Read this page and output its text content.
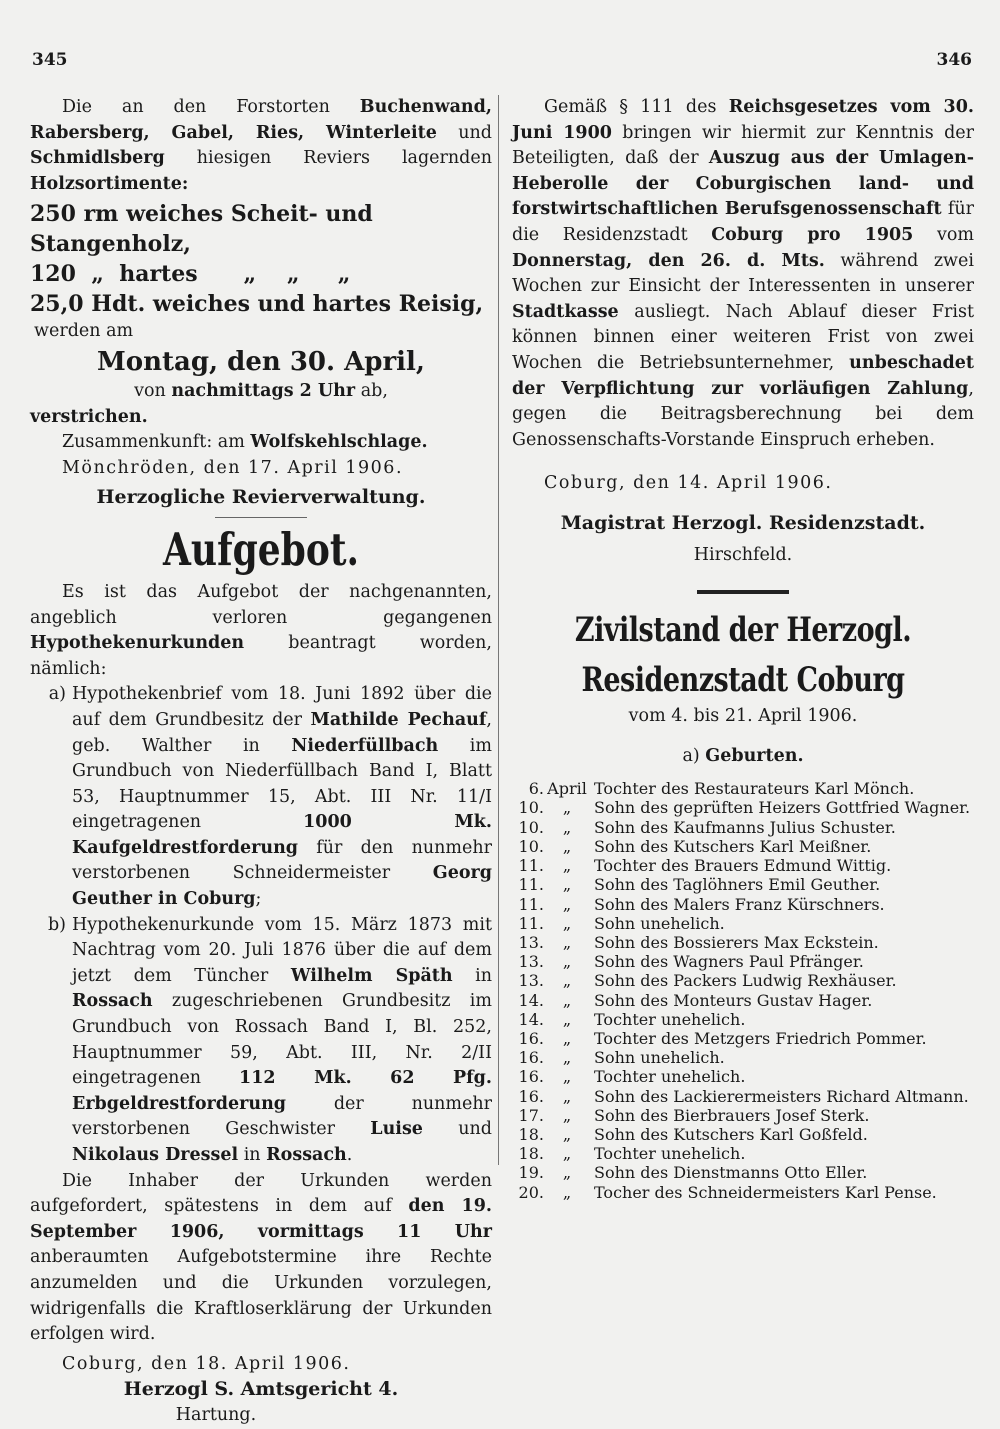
345	346

Die an den Forstorten Buchenwand, Rabersberg, Gabel, Ries, Winterleite und Schmidlsberg hiesigen Reviers lagernden Holzsortimente:

250 rm weiches Scheit- und Stangenholz,
120  „  hartes      „    „     „
25,0 Hdt. weiches und hartes Reisig,

werden am

Montag, den 30. April,

von nachmittags 2 Uhr ab,

verstrichen.

Zusammenkunft: am Wolfskehlschlage.

Mönchröden, den 17. April 1906.

Herzogliche Revierverwaltung.

Aufgebot.

Es ist das Aufgebot der nachgenannten, angeblich verloren gegangenen Hypothekenurkunden beantragt worden, nämlich:

a) Hypothekenbrief vom 18. Juni 1892 über die auf dem Grundbesitz der Mathilde Pechauf, geb. Walther in Niederfüllbach im Grundbuch von Niederfüllbach Band I, Blatt 53, Hauptnummer 15, Abt. III Nr. 11/I eingetragenen 1000 Mk. Kaufgeldrestforderung für den nunmehr verstorbenen Schneidermeister Georg Geuther in Coburg;
b) Hypothekenurkunde vom 15. März 1873 mit Nachtrag vom 20. Juli 1876 über die auf dem jetzt dem Tüncher Wilhelm Späth in Rossach zugeschriebenen Grundbesitz im Grundbuch von Rossach Band I, Bl. 252, Hauptnummer 59, Abt. III, Nr. 2/II eingetragenen 112 Mk. 62 Pfg. Erbgeldrestforderung der nunmehr verstorbenen Geschwister Luise und Nikolaus Dressel in Rossach.

Die Inhaber der Urkunden werden aufgefordert, spätestens in dem auf den 19. September 1906, vormittags 11 Uhr anberaumten Aufgebotstermine ihre Rechte anzumelden und die Urkunden vorzulegen, widrigenfalls die Kraftloserklärung der Urkunden erfolgen wird.

Coburg, den 18. April 1906.

Herzogl S. Amtsgericht 4.

Hartung.

Gemäß § 111 des Reichsgesetzes vom 30. Juni 1900 bringen wir hiermit zur Kenntnis der Beteiligten, daß der Auszug aus der Umlagen-Heberolle der Coburgischen land- und forstwirtschaftlichen Berufsgenossenschaft für die Residenzstadt Coburg pro 1905 vom Donnerstag, den 26. d. Mts. während zwei Wochen zur Einsicht der Interessenten in unserer Stadtkasse ausliegt. Nach Ablauf dieser Frist können binnen einer weiteren Frist von zwei Wochen die Betriebsunternehmer, unbeschadet der Verpflichtung zur vorläufigen Zahlung, gegen die Beitragsberechnung bei dem Genossenschafts-Vorstande Einspruch erheben.

Coburg, den 14. April 1906.

Magistrat Herzogl. Residenzstadt.

Hirschfeld.

Zivilstand der Herzogl. Residenzstadt Coburg

vom 4. bis 21. April 1906.

a) Geburten.

6. April Tochter des Restaurateurs Karl Mönch.
10.	„	Sohn des geprüften Heizers Gottfried Wagner.
10.	„	Sohn des Kaufmanns Julius Schuster.
10.	„	Sohn des Kutschers Karl Meißner.
11.	„	Tochter des Brauers Edmund Wittig.
11.	„	Sohn des Taglöhners Emil Geuther.
11.	„	Sohn des Malers Franz Kürschners.
11.	„	Sohn unehelich.
13.	„	Sohn des Bossierers Max Eckstein.
13.	„	Sohn des Wagners Paul Pfränger.
13.	„	Sohn des Packers Ludwig Rexhäuser.
14.	„	Sohn des Monteurs Gustav Hager.
14.	„	Tochter unehelich.
16.	„	Tochter des Metzgers Friedrich Pommer.
16.	„	Sohn unehelich.
16.	„	Tochter unehelich.
16.	„	Sohn des Lackierermeisters Richard Altmann.
17.	„	Sohn des Bierbrauers Josef Sterk.
18.	„	Sohn des Kutschers Karl Goßfeld.
18.	„	Tochter unehelich.
19.	„	Sohn des Dienstmanns Otto Eller.
20.	„	Tocher des Schneidermeisters Karl Pense.
